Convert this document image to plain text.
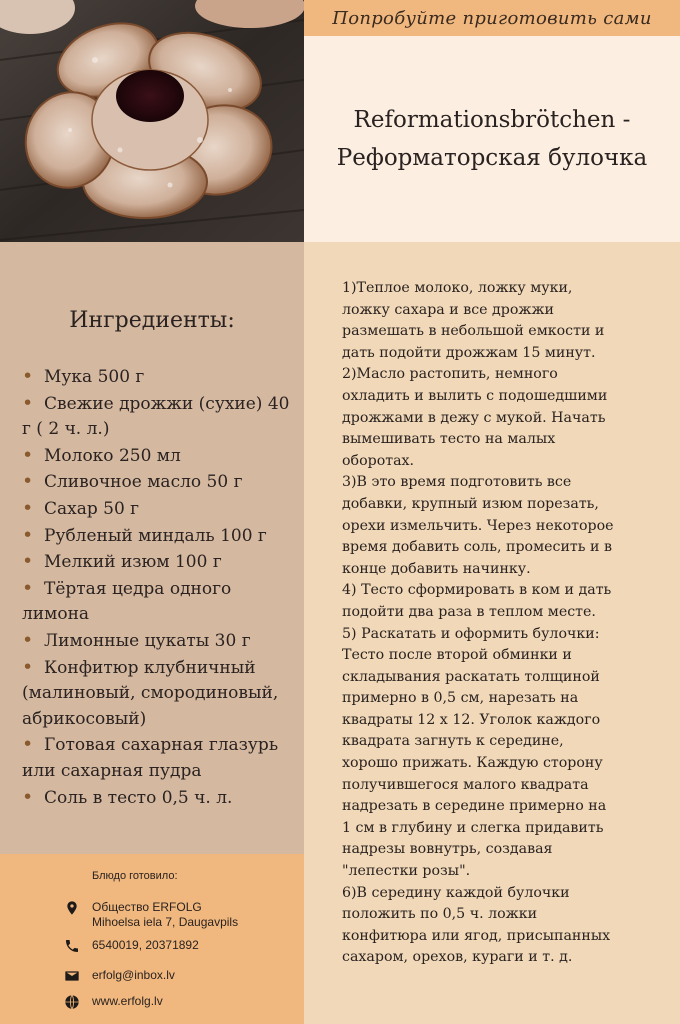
Попробуйте приготовить сами
Reformationsbrötchen -
Реформаторская булочка
Ингредиенты:
• Мука 500 г
• Свежие дрожжи (сухие) 40 г ( 2 ч. л.)
• Молоко 250 мл
• Сливочное масло 50 г
• Сахар 50 г
• Рубленый миндаль 100 г
• Мелкий изюм 100 г
• Тёртая цедра одного лимона
• Лимонные цукаты 30 г
• Конфитюр клубничный (малиновый, смородиновый, абрикосовый)
• Готовая сахарная глазурь или сахарная пудра
• Соль в тесто 0,5 ч. л.
Блюдо готовило:
Общество ERFOLG
Mihoelsa iela 7, Daugavpils
6540019, 20371892
erfolg@inbox.lv
www.erfolg.lv
1)Теплое молоко, ложку муки,
ложку сахара и все дрожжи
размешать в небольшой емкости и
дать подойти дрожжам 15 минут.
2)Масло растопить, немного
охладить и вылить с подошедшими
дрожжами в дежу с мукой. Начать
вымешивать тесто на малых
оборотах.
3)В это время подготовить все
добавки, крупный изюм порезать,
орехи измельчить. Через некоторое
время добавить соль, промесить и в
конце добавить начинку.
4) Тесто сформировать в ком и дать
подойти два раза в теплом месте.
5) Раскатать и оформить булочки:
Тесто после второй обминки и
складывания раскатать толщиной
примерно в 0,5 см, нарезать на
квадраты 12 х 12. Уголок каждого
квадрата загнуть к середине,
хорошо прижать. Каждую сторону
получившегося малого квадрата
надрезать в середине примерно на
1 см в глубину и слегка придавить
надрезы вовнутрь, создавая
"лепестки розы".
6)В середину каждой булочки
положить по 0,5 ч. ложки
конфитюра или ягод, присыпанных
сахаром, орехов, кураги и т. д.
